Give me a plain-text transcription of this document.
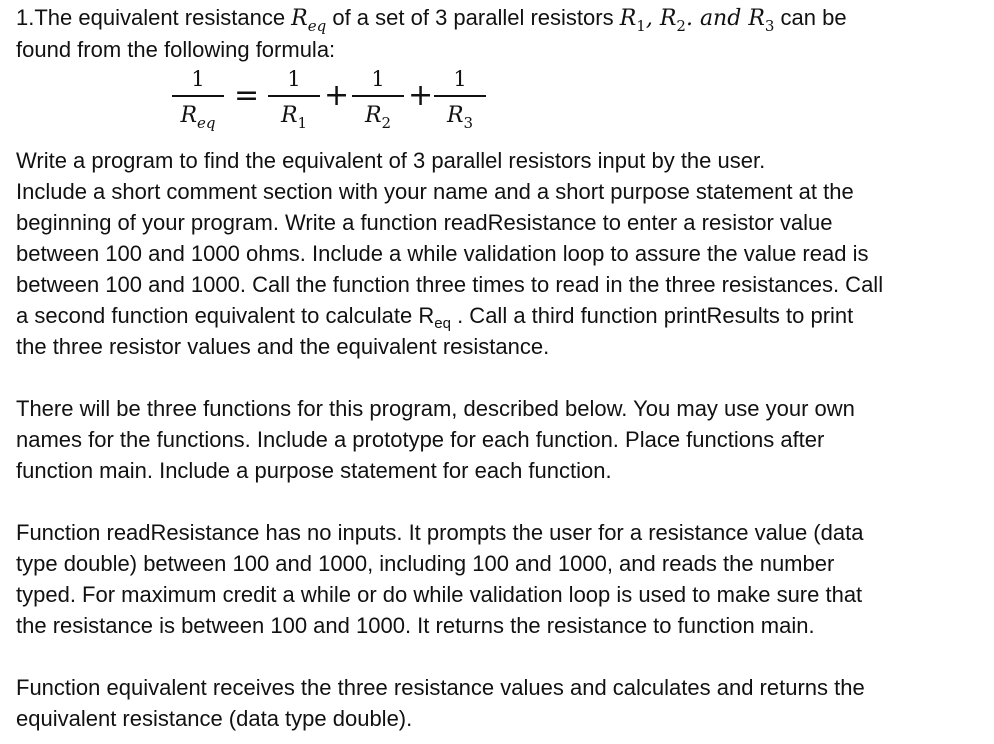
1.The equivalent resistance $R_{eq}$ of a set of 3 parallel resistors $R_1$, $R_2$. and $R_3$ can be

found from the following formula:

1
$R_{eq}$
=	1
$R_1$
+	1
$R_2$
+ 1
$R_3$

Write a program to find the equivalent of 3 parallel resistors input by the user.

Include a short comment section with your name and a short purpose statement at the

beginning of your program. Write a function readResistance to enter a resistor value

between 100 and 1000 ohms. Include a while validation loop to assure the value read is

between 100 and 1000. Call the function three times to read in the three resistances. Call

a second function equivalent to calculate $R_{eq}$ . Call a third function printResults to print

the three resistor values and the equivalent resistance.

There will be three functions for this program, described below. You may use your own

names for the functions. Include a prototype for each function. Place functions after

function main. Include a purpose statement for each function.

Function readResistance has no inputs. It prompts the user for a resistance value (data

type double) between 100 and 1000, including 100 and 1000, and reads the number

typed. For maximum credit a while or do while validation loop is used to make sure that

the resistance is between 100 and 1000. It returns the resistance to function main.

Function equivalent receives the three resistance values and calculates and returns the

equivalent resistance (data type double).
